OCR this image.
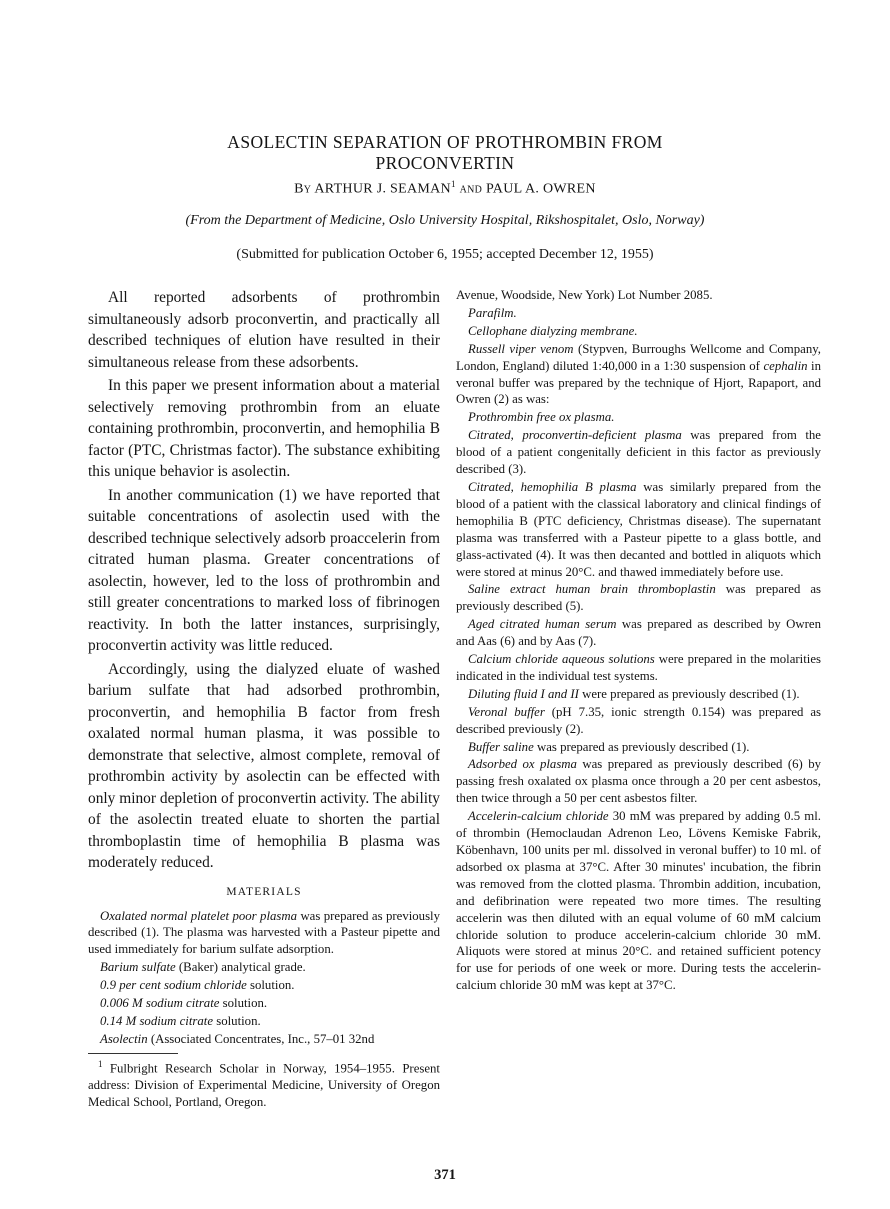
ASOLECTIN SEPARATION OF PROTHROMBIN FROM
PROCONVERTIN
By ARTHUR J. SEAMAN$^1$ and PAUL A. OWREN
(From the Department of Medicine, Oslo University Hospital, Rikshospitalet, Oslo, Norway)
(Submitted for publication October 6, 1955; accepted December 12, 1955)

All reported adsorbents of prothrombin simultaneously adsorb proconvertin, and practically all described techniques of elution have resulted in their simultaneous release from these adsorbents.

In this paper we present information about a material selectively removing prothrombin from an eluate containing prothrombin, proconvertin, and hemophilia B factor (PTC, Christmas factor). The substance exhibiting this unique behavior is asolectin.

In another communication (1) we have reported that suitable concentrations of asolectin used with the described technique selectively adsorb proaccelerin from citrated human plasma. Greater concentrations of asolectin, however, led to the loss of prothrombin and still greater concentrations to marked loss of fibrinogen reactivity. In both the latter instances, surprisingly, proconvertin activity was little reduced.

Accordingly, using the dialyzed eluate of washed barium sulfate that had adsorbed prothrombin, proconvertin, and hemophilia B factor from fresh oxalated normal human plasma, it was possible to demonstrate that selective, almost complete, removal of prothrombin activity by asolectin can be effected with only minor depletion of proconvertin activity. The ability of the asolectin treated eluate to shorten the partial thromboplastin time of hemophilia B plasma was moderately reduced.

MATERIALS

Oxalated normal platelet poor plasma was prepared as previously described (1). The plasma was harvested with a Pasteur pipette and used immediately for barium sulfate adsorption.

Barium sulfate (Baker) analytical grade.

0.9 per cent sodium chloride solution.

0.006 M sodium citrate solution.

0.14 M sodium citrate solution.

Asolectin (Associated Concentrates, Inc., 57–01 32nd

$^1$ Fulbright Research Scholar in Norway, 1954–1955. Present address: Division of Experimental Medicine, University of Oregon Medical School, Portland, Oregon.

Avenue, Woodside, New York) Lot Number 2085.

Parafilm.

Cellophane dialyzing membrane.

Russell viper venom (Stypven, Burroughs Wellcome and Company, London, England) diluted 1:40,000 in a 1:30 suspension of cephalin in veronal buffer was prepared by the technique of Hjort, Rapaport, and Owren (2) as was:

Prothrombin free ox plasma.

Citrated, proconvertin-deficient plasma was prepared from the blood of a patient congenitally deficient in this factor as previously described (3).

Citrated, hemophilia B plasma was similarly prepared from the blood of a patient with the classical laboratory and clinical findings of hemophilia B (PTC deficiency, Christmas disease). The supernatant plasma was transferred with a Pasteur pipette to a glass bottle, and glass-activated (4). It was then decanted and bottled in aliquots which were stored at minus 20°C. and thawed immediately before use.

Saline extract human brain thromboplastin was prepared as previously described (5).

Aged citrated human serum was prepared as described by Owren and Aas (6) and by Aas (7).

Calcium chloride aqueous solutions were prepared in the molarities indicated in the individual test systems.

Diluting fluid I and II were prepared as previously described (1).

Veronal buffer (pH 7.35, ionic strength 0.154) was prepared as described previously (2).

Buffer saline was prepared as previously described (1).

Adsorbed ox plasma was prepared as previously described (6) by passing fresh oxalated ox plasma once through a 20 per cent asbestos, then twice through a 50 per cent asbestos filter.

Accelerin-calcium chloride 30 mM was prepared by adding 0.5 ml. of thrombin (Hemoclaudan Adrenon Leo, Lövens Kemiske Fabrik, Köbenhavn, 100 units per ml. dissolved in veronal buffer) to 10 ml. of adsorbed ox plasma at 37°C. After 30 minutes' incubation, the fibrin was removed from the clotted plasma. Thrombin addition, incubation, and defibrination were repeated two more times. The resulting accelerin was then diluted with an equal volume of 60 mM calcium chloride solution to produce accelerin-calcium chloride 30 mM. Aliquots were stored at minus 20°C. and retained sufficient potency for use for periods of one week or more. During tests the accelerin-calcium chloride 30 mM was kept at 37°C.

371
